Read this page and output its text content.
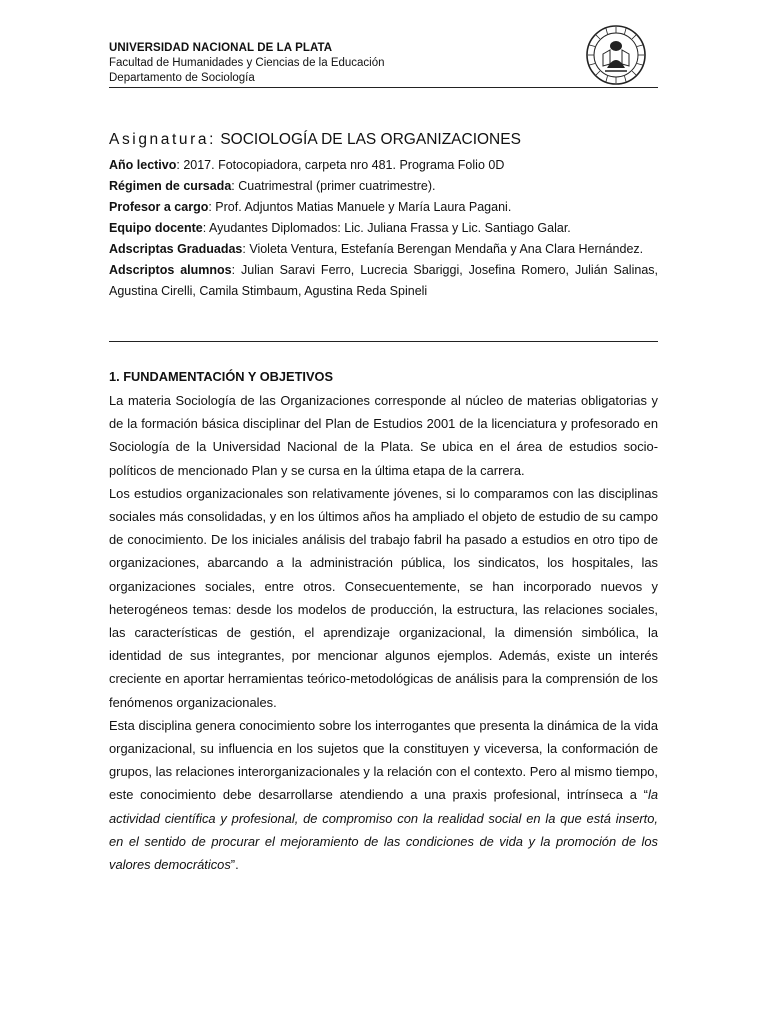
UNIVERSIDAD NACIONAL DE LA PLATA
Facultad de Humanidades y Ciencias de la Educación
Departamento de Sociología
Asignatura: SOCIOLOGÍA DE LAS ORGANIZACIONES

Año lectivo: 2017. Fotocopiadora, carpeta nro 481. Programa Folio 0D

Régimen de cursada: Cuatrimestral (primer cuatrimestre).

Profesor a cargo: Prof. Adjuntos Matias Manuele y María Laura Pagani.

Equipo docente: Ayudantes Diplomados: Lic. Juliana Frassa y Lic. Santiago Galar.

Adscriptas Graduadas: Violeta Ventura, Estefanía Berengan Mendaña y Ana Clara Hernández.

Adscriptos alumnos: Julian Saravi Ferro, Lucrecia Sbariggi, Josefina Romero, Julián Salinas, Agustina Cirelli, Camila Stimbaum, Agustina Reda Spineli

1. FUNDAMENTACIÓN Y OBJETIVOS

La materia Sociología de las Organizaciones corresponde al núcleo de materias obligatorias y de la formación básica disciplinar del Plan de Estudios 2001 de la licenciatura y profesorado en Sociología de la Universidad Nacional de la Plata. Se ubica en el área de estudios socio-políticos de mencionado Plan y se cursa en la última etapa de la carrera.

Los estudios organizacionales son relativamente jóvenes, si lo comparamos con las disciplinas sociales más consolidadas, y en los últimos años ha ampliado el objeto de estudio de su campo de conocimiento. De los iniciales análisis del trabajo fabril ha pasado a estudios en otro tipo de organizaciones, abarcando a la administración pública, los sindicatos, los hospitales, las organizaciones sociales, entre otros. Consecuentemente, se han incorporado nuevos y heterogéneos temas: desde los modelos de producción, la estructura, las relaciones sociales, las características de gestión, el aprendizaje organizacional, la dimensión simbólica, la identidad de sus integrantes, por mencionar algunos ejemplos. Además, existe un interés creciente en aportar herramientas teórico-metodológicas de análisis para la comprensión de los fenómenos organizacionales.

Esta disciplina genera conocimiento sobre los interrogantes que presenta la dinámica de la vida organizacional, su influencia en los sujetos que la constituyen y viceversa, la conformación de grupos, las relaciones interorganizacionales y la relación con el contexto. Pero al mismo tiempo, este conocimiento debe desarrollarse atendiendo a una praxis profesional, intrínseca a “la actividad científica y profesional, de compromiso con la realidad social en la que está inserto, en el sentido de procurar el mejoramiento de las condiciones de vida y la promoción de los valores democráticos”.
